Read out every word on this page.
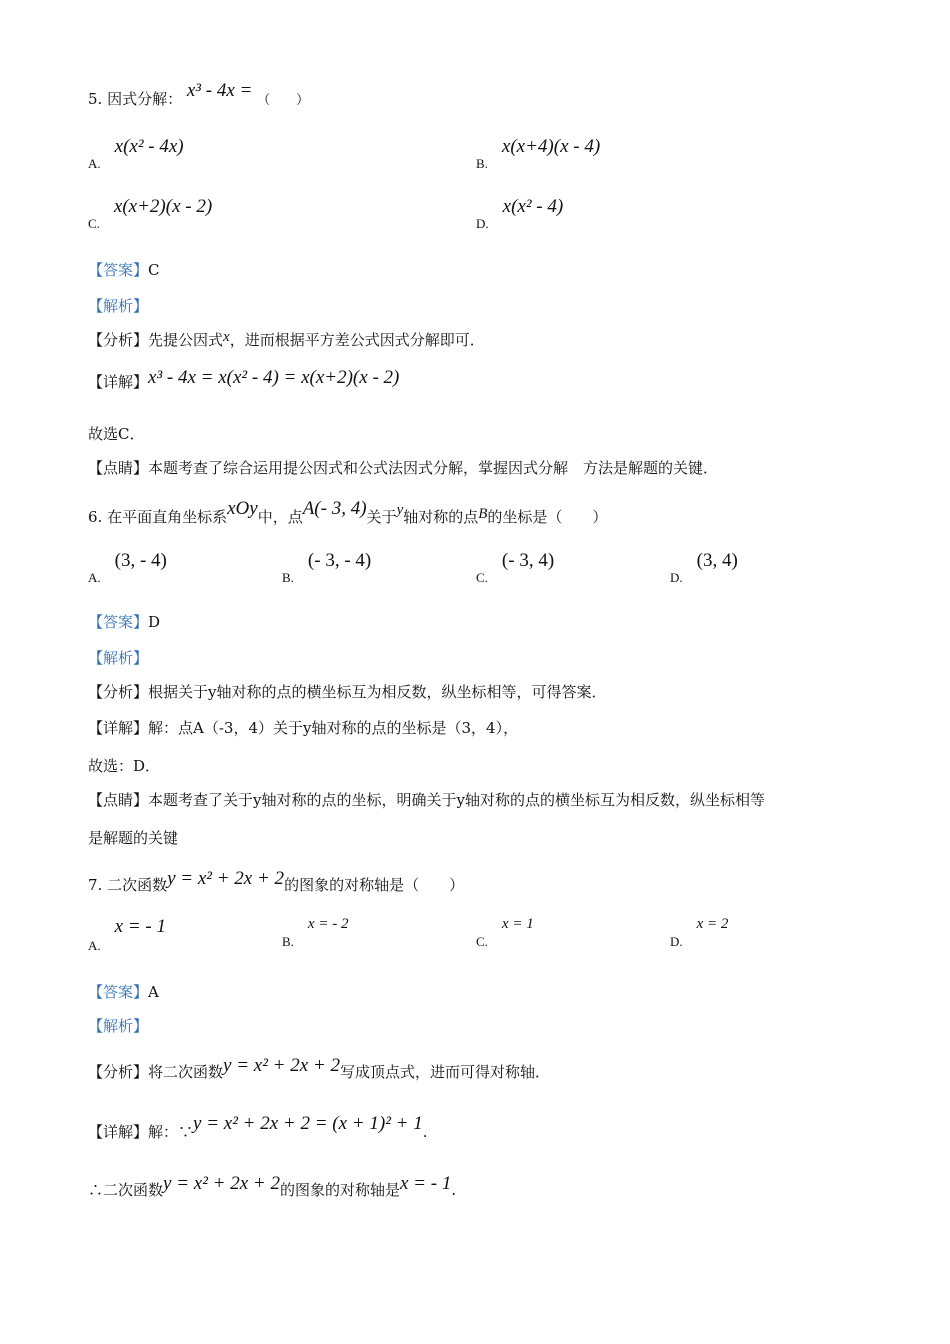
5. 因式分解： x³ - 4x = （　　）
A.x(x² - 4x)
B.x(x+4)(x - 4)
C.x(x+2)(x - 2)
D.x(x² - 4)
【答案】C
【解析】
【分析】先提公因式x，进而根据平方差公式因式分解即可．
【详解】x³ - 4x = x(x² - 4) = x(x+2)(x - 2)
故选C．
【点睛】本题考查了综合运用提公因式和公式法因式分解，掌握因式分解　方法是解题的关键．
6. 在平面直角坐标系xOy中，点A(- 3, 4)关于y轴对称的点B的坐标是（　　）
A.(3, - 4)
B.(- 3, - 4)
C.(- 3, 4)
D.(3, 4)
【答案】D
【解析】
【分析】根据关于y轴对称的点的横坐标互为相反数，纵坐标相等，可得答案．
【详解】解：点A（-3，4）关于y轴对称的点的坐标是（3，4），
故选：D．
【点睛】本题考查了关于y轴对称的点的坐标，明确关于y轴对称的点的横坐标互为相反数，纵坐标相等
是解题的关键
7. 二次函数y = x² + 2x + 2的图象的对称轴是（　　）
A.x = - 1
B.x = - 2
C.x = 1
D.x = 2
【答案】A
【解析】
【分析】将二次函数y = x² + 2x + 2写成顶点式，进而可得对称轴．
【详解】解：∵y = x² + 2x + 2 = (x + 1)² + 1.
∴二次函数y = x² + 2x + 2的图象的对称轴是x = - 1.
